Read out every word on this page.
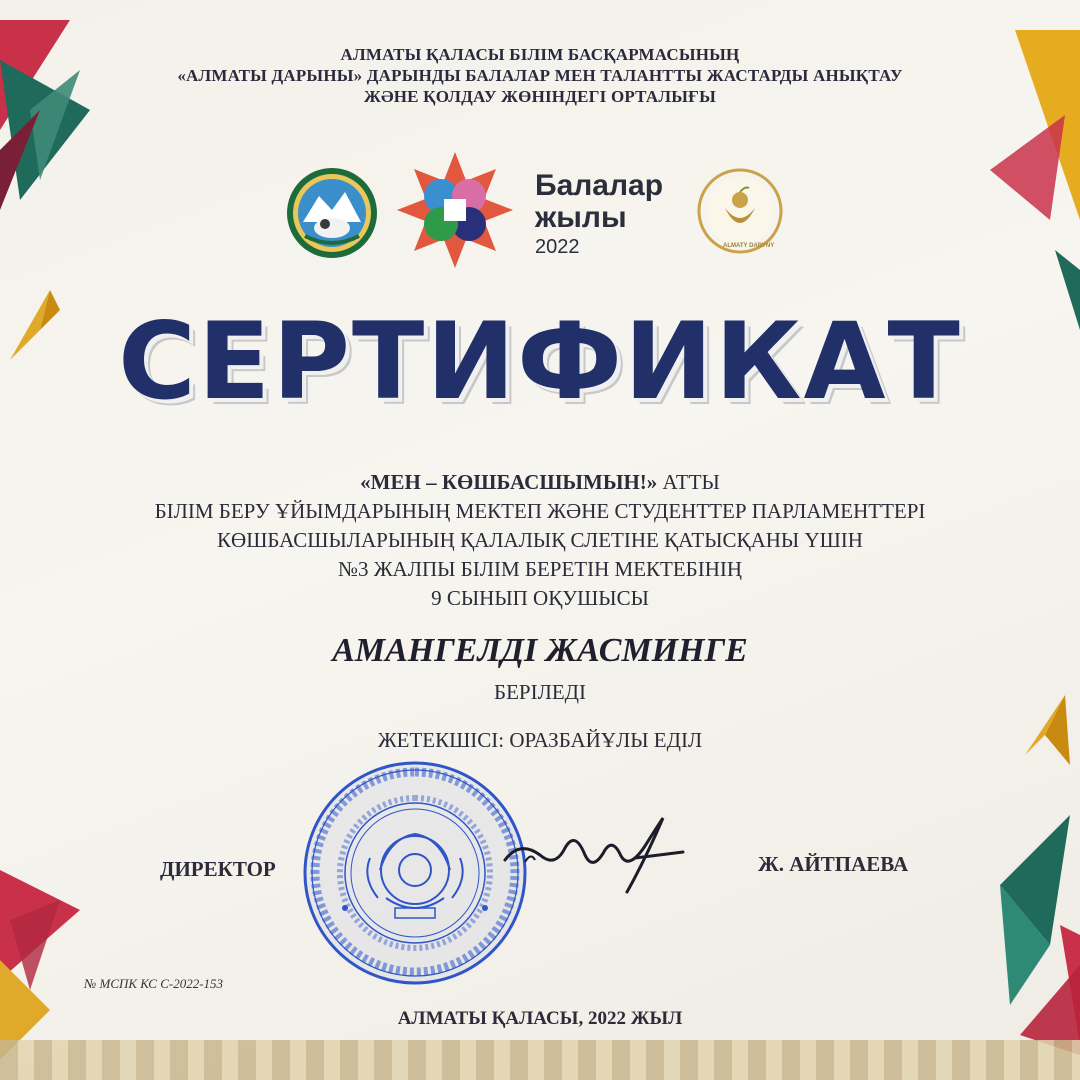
АЛМАТЫ ҚАЛАСЫ БІЛІМ БАСҚАРМАСЫНЫҢ
«АЛМАТЫ ДАРЫНЫ» ДАРЫНДЫ БАЛАЛАР МЕН ТАЛАНТТЫ ЖАСТАРДЫ АНЫҚТАУ
ЖӘНЕ ҚОЛДАУ ЖӨНІНДЕГІ ОРТАЛЫҒЫ
Балалар
жылы
2022	ALMATY DARYNY
СЕРТИФИКАТ
«МЕН – КӨШБАСШЫМЫН!» АТТЫ
БІЛІМ БЕРУ ҰЙЫМДАРЫНЫҢ МЕКТЕП ЖӘНЕ СТУДЕНТТЕР ПАРЛАМЕНТТЕРІ
КӨШБАСШЫЛАРЫНЫҢ ҚАЛАЛЫҚ СЛЕТІНЕ ҚАТЫСҚАНЫ ҮШІН
№3 ЖАЛПЫ БІЛІМ БЕРЕТІН МЕКТЕБІНІҢ
9 СЫНЫП ОҚУШЫСЫ
АМАНГЕЛДІ ЖАСМИНГЕ
БЕРІЛЕДІ
ЖЕТЕКШІСІ: ОРАЗБАЙҰЛЫ ЕДІЛ
ДИРЕКТОР	Ж. АЙТПАЕВА
№ МСПК КС С-2022-153
АЛМАТЫ ҚАЛАСЫ, 2022 ЖЫЛ
